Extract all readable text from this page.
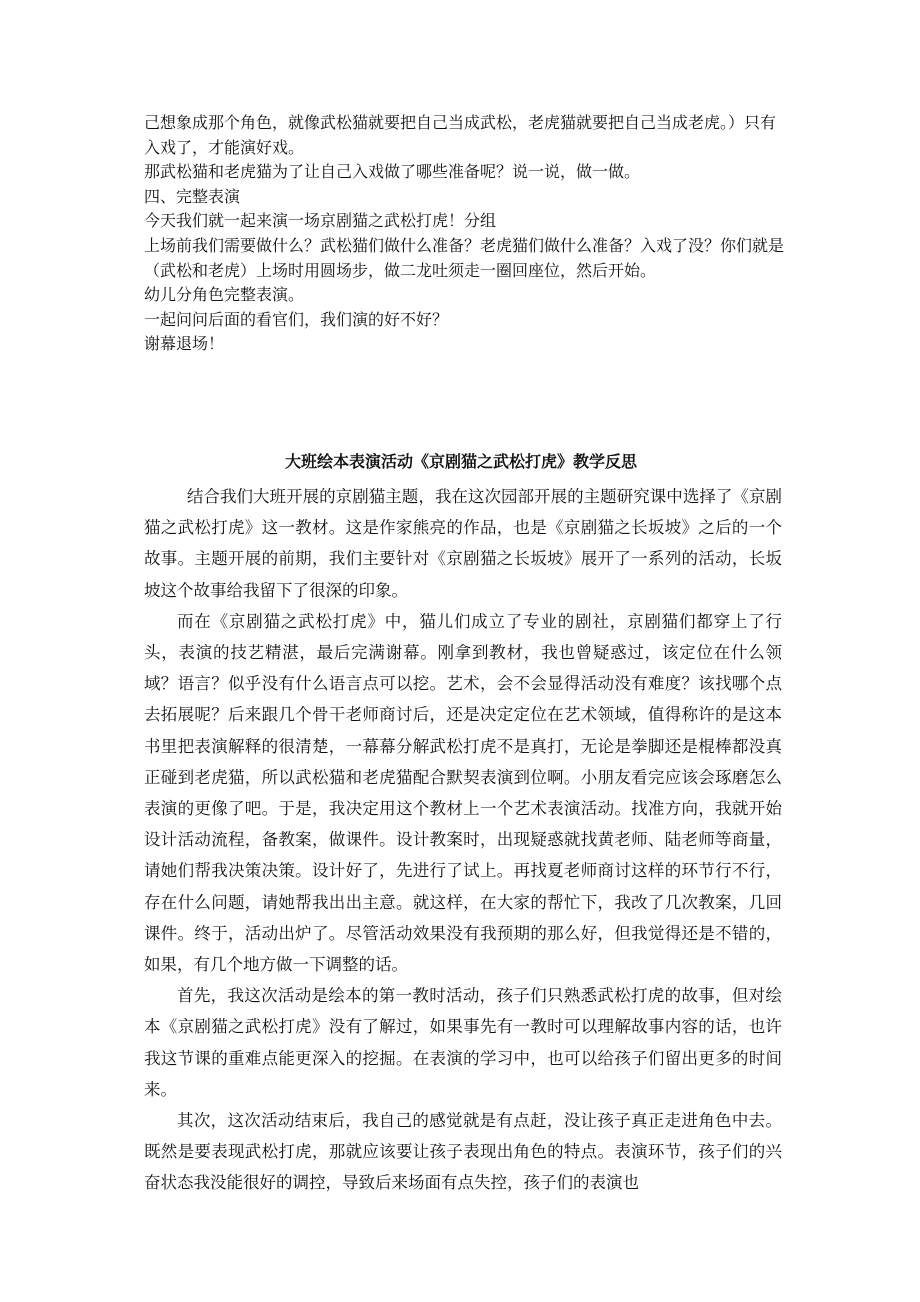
己想象成那个角色，就像武松猫就要把自己当成武松，老虎猫就要把自己当成老虎。）只有入戏了，才能演好戏。

那武松猫和老虎猫为了让自己入戏做了哪些准备呢？说一说，做一做。

四、完整表演

今天我们就一起来演一场京剧猫之武松打虎！分组

上场前我们需要做什么？武松猫们做什么准备？老虎猫们做什么准备？入戏了没？你们就是（武松和老虎）上场时用圆场步，做二龙吐须走一圈回座位，然后开始。

幼儿分角色完整表演。

一起问问后面的看官们，我们演的好不好？

谢幕退场！

大班绘本表演活动《京剧猫之武松打虎》教学反思

结合我们大班开展的京剧猫主题，我在这次园部开展的主题研究课中选择了《京剧猫之武松打虎》这一教材。这是作家熊亮的作品，也是《京剧猫之长坂坡》之后的一个故事。主题开展的前期，我们主要针对《京剧猫之长坂坡》展开了一系列的活动，长坂坡这个故事给我留下了很深的印象。

而在《京剧猫之武松打虎》中，猫儿们成立了专业的剧社，京剧猫们都穿上了行头，表演的技艺精湛，最后完满谢幕。刚拿到教材，我也曾疑惑过，该定位在什么领域？语言？似乎没有什么语言点可以挖。艺术，会不会显得活动没有难度？该找哪个点去拓展呢？后来跟几个骨干老师商讨后，还是决定定位在艺术领域，值得称许的是这本书里把表演解释的很清楚，一幕幕分解武松打虎不是真打，无论是拳脚还是棍棒都没真正碰到老虎猫，所以武松猫和老虎猫配合默契表演到位啊。小朋友看完应该会琢磨怎么表演的更像了吧。于是，我决定用这个教材上一个艺术表演活动。找准方向，我就开始设计活动流程，备教案，做课件。设计教案时，出现疑惑就找黄老师、陆老师等商量，请她们帮我决策决策。设计好了，先进行了试上。再找夏老师商讨这样的环节行不行，存在什么问题，请她帮我出出主意。就这样，在大家的帮忙下，我改了几次教案，几回课件。终于，活动出炉了。尽管活动效果没有我预期的那么好，但我觉得还是不错的，如果，有几个地方做一下调整的话。

首先，我这次活动是绘本的第一教时活动，孩子们只熟悉武松打虎的故事，但对绘本《京剧猫之武松打虎》没有了解过，如果事先有一教时可以理解故事内容的话，也许我这节课的重难点能更深入的挖掘。在表演的学习中，也可以给孩子们留出更多的时间来。

其次，这次活动结束后，我自己的感觉就是有点赶，没让孩子真正走进角色中去。既然是要表现武松打虎，那就应该要让孩子表现出角色的特点。表演环节，孩子们的兴奋状态我没能很好的调控，导致后来场面有点失控，孩子们的表演也
